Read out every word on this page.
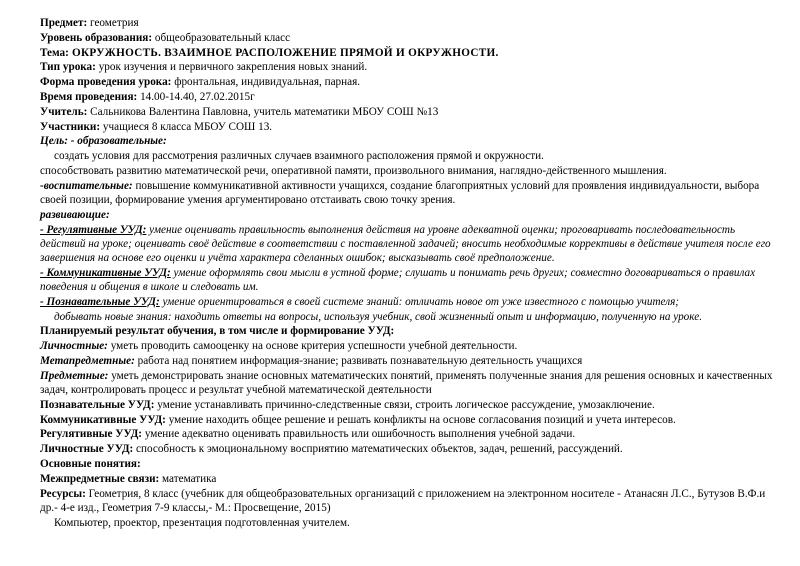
Предмет: геометрия

Уровень образования: общеобразовательный класс

Тема: ОКРУЖНОСТЬ. ВЗАИМНОЕ РАСПОЛОЖЕНИЕ ПРЯМОЙ И ОКРУЖНОСТИ.

Тип урока: урок изучения и первичного закрепления новых знаний.

Форма проведения урока: фронтальная, индивидуальная, парная.

Время проведения: 14.00-14.40, 27.02.2015г

Учитель: Сальникова Валентина Павловна, учитель математики МБОУ СОШ №13

Участники: учащиеся 8 класса МБОУ СОШ 13.

Цель: - образовательные:

создать условия для рассмотрения различных случаев взаимного расположения прямой и окружности.

способствовать развитию математической речи, оперативной памяти, произвольного внимания, наглядно-действенного мышления.

-воспитательные: повышение коммуникативной активности учащихся, создание благоприятных условий для проявления индивидуальности, выбора своей позиции, формирование умения аргументировано отстаивать свою точку зрения.

развивающие:

- Регулятивные УУД: умение оценивать правильность выполнения действия на уровне адекватной оценки; проговаривать последовательность действий на уроке; оценивать своё действие в соответствии с поставленной задачей; вносить необходимые коррективы в действие учителя после его завершения на основе его оценки и учёта характера сделанных ошибок; высказывать своё предположение.

- Коммуникативные УУД: умение оформлять свои мысли в устной форме; слушать и понимать речь других; совместно договариваться о правилах поведения и общения в школе и следовать им.

- Познавательные УУД: умение ориентироваться в своей системе знаний: отличать новое от уже известного с помощью учителя;

добывать новые знания: находить ответы на вопросы, используя учебник, свой жизненный опыт и информацию, полученную на уроке.

Планируемый результат обучения, в том числе и формирование УУД:

Личностные: уметь проводить самооценку на основе критерия успешности учебной деятельности.

Метапредметные: работа над понятием информация-знание; развивать познавательную деятельность учащихся

Предметные: уметь демонстрировать знание основных математических понятий, применять полученные знания для решения основных и качественных задач, контролировать процесс и результат учебной математической деятельности

Познавательные УУД: умение устанавливать причинно-следственные связи, строить логическое рассуждение, умозаключение.

Коммуникативные УУД: умение находить общее решение и решать конфликты на основе согласования позиций и учета интересов.

Регулятивные УУД: умение адекватно оценивать правильность или ошибочность выполнения учебной задачи.

Личностные УУД: способность к эмоциональному восприятию математических объектов, задач, решений, рассуждений.

Основные понятия:

Межпредметные связи: математика

Ресурсы: Геометрия, 8 класс (учебник для общеобразовательных организаций с приложением на электронном носителе - Атанасян Л.С., Бутузов В.Ф.и др.- 4-е изд., Геометрия 7-9 классы,- М.: Просвещение, 2015)

Компьютер, проектор, презентация подготовленная учителем.
